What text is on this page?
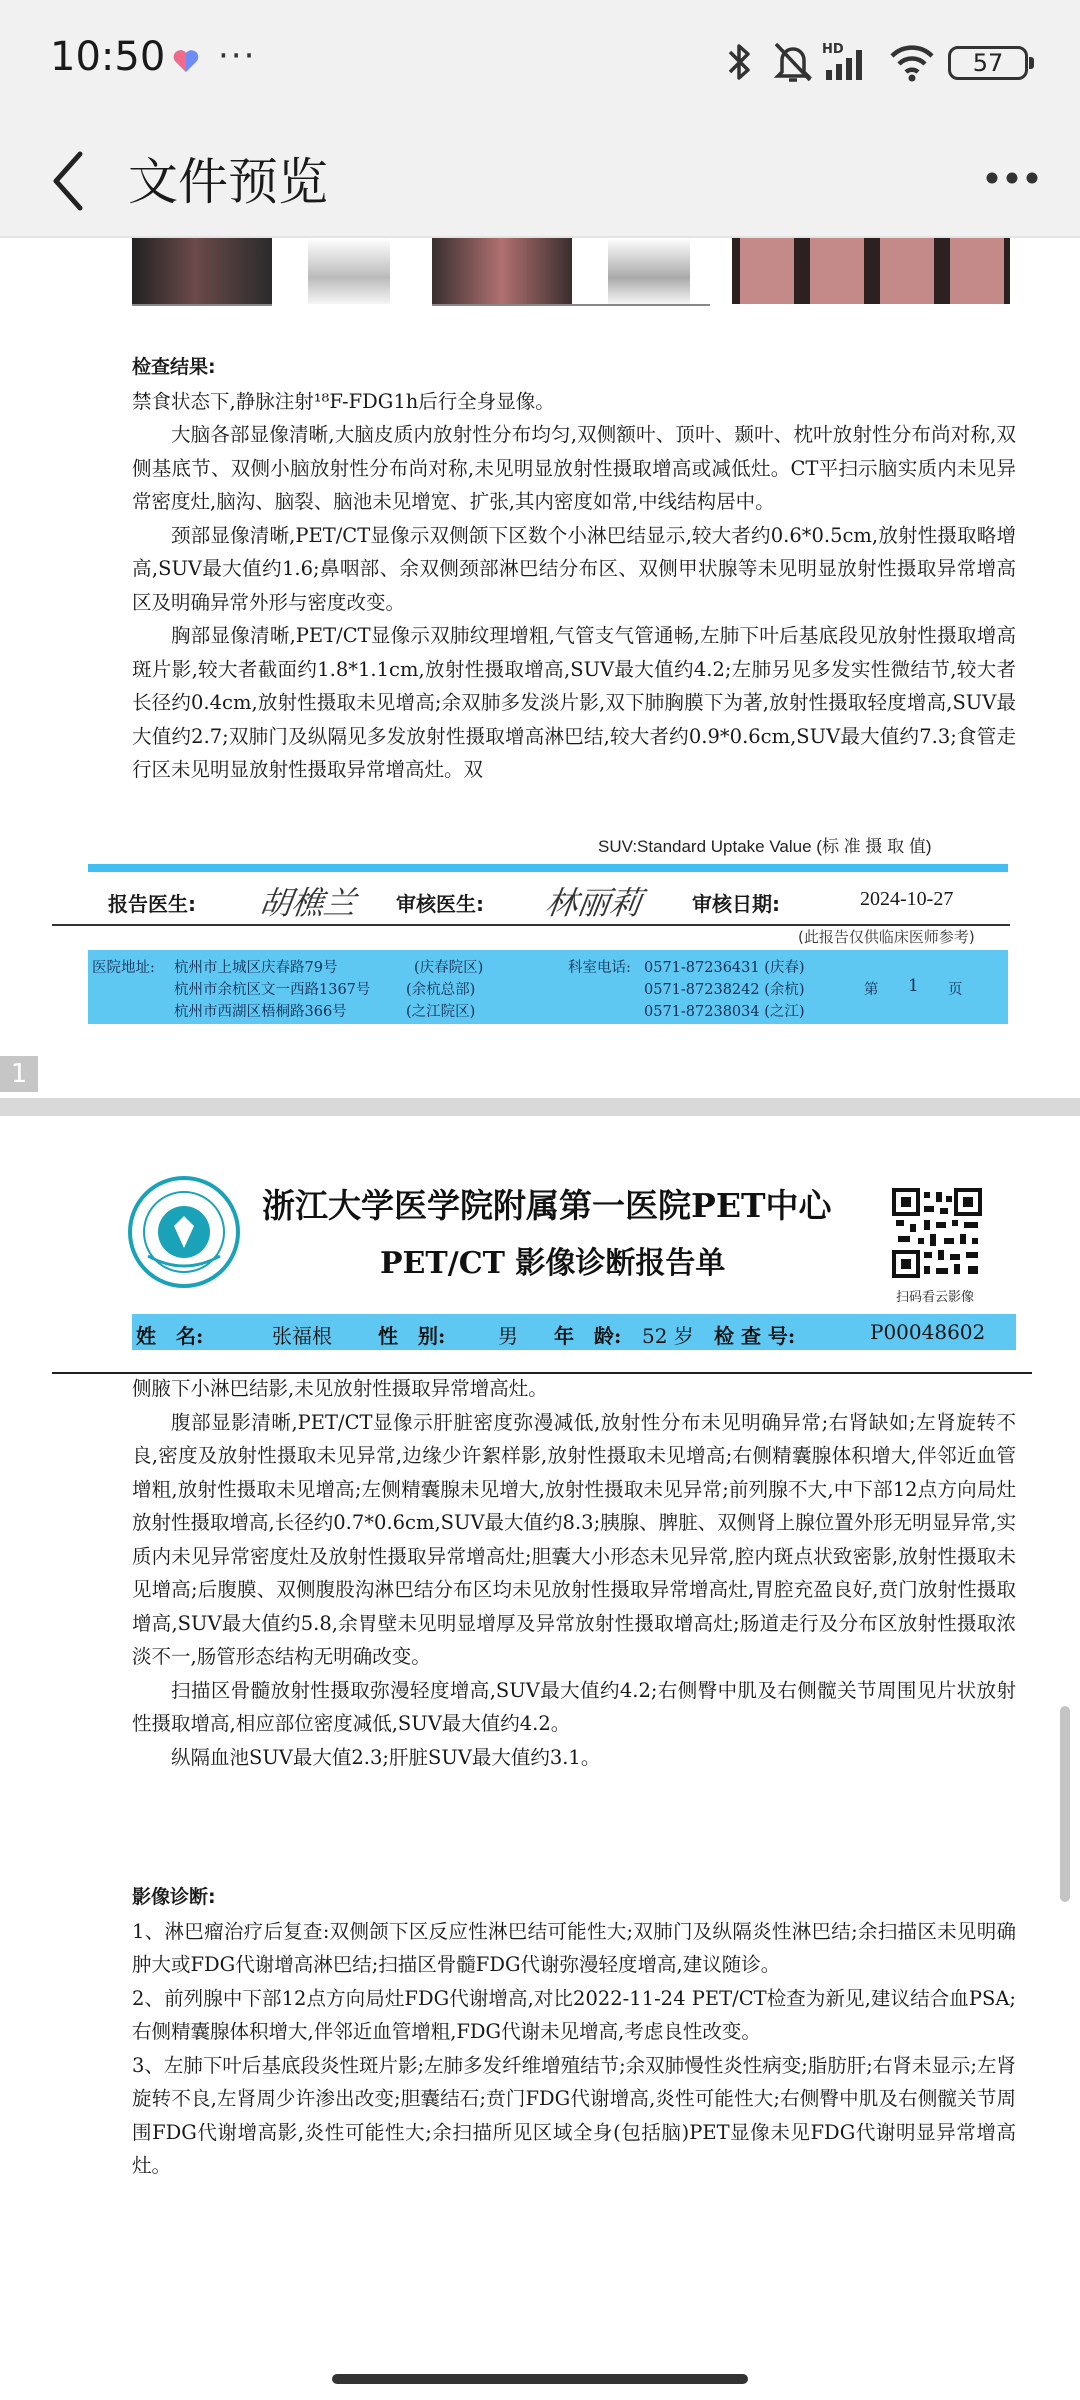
10:50 ···	HD	57
文件预览

检查结果:

禁食状态下,静脉注射¹⁸F-FDG1h后行全身显像。

大脑各部显像清晰,大脑皮质内放射性分布均匀,双侧额叶、顶叶、颞叶、枕叶放射性分布尚对称,双侧基底节、双侧小脑放射性分布尚对称,未见明显放射性摄取增高或减低灶。CT平扫示脑实质内未见异常密度灶,脑沟、脑裂、脑池未见增宽、扩张,其内密度如常,中线结构居中。

颈部显像清晰,PET/CT显像示双侧颌下区数个小淋巴结显示,较大者约0.6*0.5cm,放射性摄取略增高,SUV最大值约1.6;鼻咽部、余双侧颈部淋巴结分布区、双侧甲状腺等未见明显放射性摄取异常增高区及明确异常外形与密度改变。

胸部显像清晰,PET/CT显像示双肺纹理增粗,气管支气管通畅,左肺下叶后基底段见放射性摄取增高斑片影,较大者截面约1.8*1.1cm,放射性摄取增高,SUV最大值约4.2;左肺另见多发实性微结节,较大者长径约0.4cm,放射性摄取未见增高;余双肺多发淡片影,双下肺胸膜下为著,放射性摄取轻度增高,SUV最大值约2.7;双肺门及纵隔见多发放射性摄取增高淋巴结,较大者约0.9*0.6cm,SUV最大值约7.3;食管走行区未见明显放射性摄取异常增高灶。双

SUV:Standard Uptake Value (标 准 摄 取 值)
报告医生: 胡樵兰 审核医生: 林丽莉 审核日期:	2024-10-27
(此报告仅供临床医师参考)
医院地址: 杭州市上城区庆春路79号
杭州市余杭区文一西路1367号
杭州市西湖区梧桐路366号
(庆春院区)
(余杭总部)
(之江院区)
科室电话: 0571-87236431 (庆春)
0571-87238242 (余杭)
0571-87238034 (之江)
第 1 页
1
浙江大学医学院附属第一医院PET中心
PET/CT 影像诊断报告单
扫码看云影像
姓　名:	张福根 性　别:	男 年　龄: 52 岁 检 查 号:	P00048602

侧腋下小淋巴结影,未见放射性摄取异常增高灶。

腹部显影清晰,PET/CT显像示肝脏密度弥漫减低,放射性分布未见明确异常;右肾缺如;左肾旋转不良,密度及放射性摄取未见异常,边缘少许絮样影,放射性摄取未见增高;右侧精囊腺体积增大,伴邻近血管增粗,放射性摄取未见增高;左侧精囊腺未见增大,放射性摄取未见异常;前列腺不大,中下部12点方向局灶放射性摄取增高,长径约0.7*0.6cm,SUV最大值约8.3;胰腺、脾脏、双侧肾上腺位置外形无明显异常,实质内未见异常密度灶及放射性摄取异常增高灶;胆囊大小形态未见异常,腔内斑点状致密影,放射性摄取未见增高;后腹膜、双侧腹股沟淋巴结分布区均未见放射性摄取异常增高灶,胃腔充盈良好,贲门放射性摄取增高,SUV最大值约5.8,余胃壁未见明显增厚及异常放射性摄取增高灶;肠道走行及分布区放射性摄取浓淡不一,肠管形态结构无明确改变。

扫描区骨髓放射性摄取弥漫轻度增高,SUV最大值约4.2;右侧臀中肌及右侧髋关节周围见片状放射性摄取增高,相应部位密度减低,SUV最大值约4.2。

纵隔血池SUV最大值2.3;肝脏SUV最大值约3.1。

影像诊断:

1、淋巴瘤治疗后复查:双侧颌下区反应性淋巴结可能性大;双肺门及纵隔炎性淋巴结;余扫描区未见明确肿大或FDG代谢增高淋巴结;扫描区骨髓FDG代谢弥漫轻度增高,建议随诊。

2、前列腺中下部12点方向局灶FDG代谢增高,对比2022-11-24 PET/CT检查为新见,建议结合血PSA;右侧精囊腺体积增大,伴邻近血管增粗,FDG代谢未见增高,考虑良性改变。

3、左肺下叶后基底段炎性斑片影;左肺多发纤维增殖结节;余双肺慢性炎性病变;脂肪肝;右肾未显示;左肾旋转不良,左肾周少许渗出改变;胆囊结石;贲门FDG代谢增高,炎性可能性大;右侧臀中肌及右侧髋关节周围FDG代谢增高影,炎性可能性大;余扫描所见区域全身(包括脑)PET显像未见FDG代谢明显异常增高灶。
